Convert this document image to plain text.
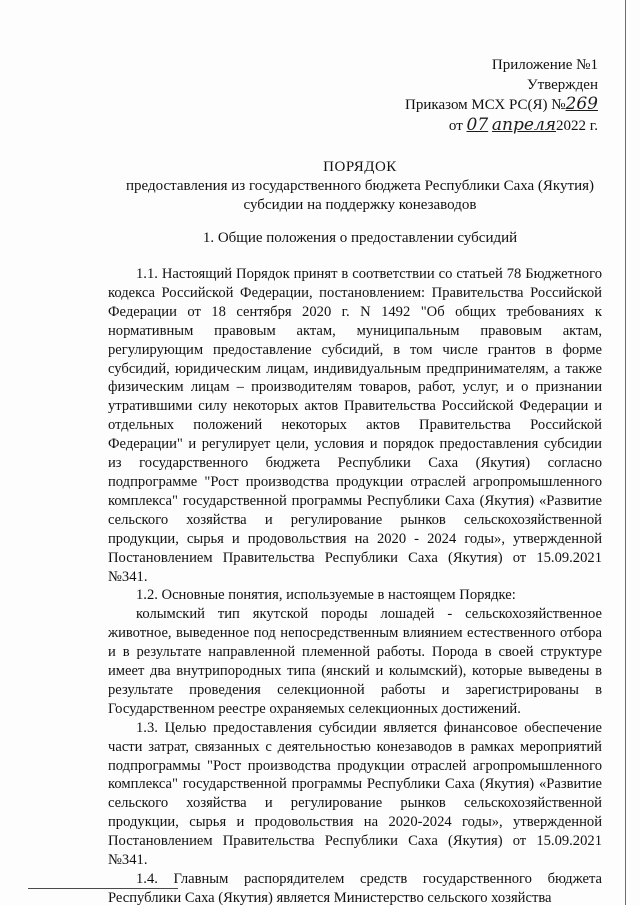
Приложение №1
Утвержден
Приказом МСХ РС(Я) №269
от 07 апреля2022 г.
ПОРЯДОК
предоставления из государственного бюджета Республики Саха (Якутия)
субсидии на поддержку конезаводов
1. Общие положения о предоставлении субсидий

1.1. Настоящий Порядок принят в соответствии со статьей 78 Бюджетного кодекса Российской Федерации, постановлением: Правительства Российской Федерации от 18 сентября 2020 г. N 1492 "Об общих требованиях к нормативным правовым актам, муниципальным правовым актам, регулирующим предоставление субсидий, в том числе грантов в форме субсидий, юридическим лицам, индивидуальным предпринимателям, а также физическим лицам – производителям товаров, работ, услуг, и о признании утратившими силу некоторых актов Правительства Российской Федерации и отдельных положений некоторых актов Правительства Российской Федерации" и регулирует цели, условия и порядок предоставления субсидии из государственного бюджета Республики Саха (Якутия) согласно подпрограмме "Рост производства продукции отраслей агропромышленного комплекса" государственной программы Республики Саха (Якутия) «Развитие сельского хозяйства и регулирование рынков сельскохозяйственной продукции, сырья и продовольствия на 2020 - 2024 годы», утвержденной Постановлением Правительства Республики Саха (Якутия) от 15.09.2021 №341.

1.2. Основные понятия, используемые в настоящем Порядке:

колымский тип якутской породы лошадей - сельскохозяйственное животное, выведенное под непосредственным влиянием естественного отбора и в результате направленной племенной работы. Порода в своей структуре имеет два внутрипородных типа (янский и колымский), которые выведены в результате проведения селекционной работы и зарегистрированы в Государственном реестре охраняемых селекционных достижений.

1.3. Целью предоставления субсидии является финансовое обеспечение части затрат, связанных с деятельностью конезаводов в рамках мероприятий подпрограммы "Рост производства продукции отраслей агропромышленного комплекса" государственной программы Республики Саха (Якутия) «Развитие сельского хозяйства и регулирование рынков сельскохозяйственной продукции, сырья и продовольствия на 2020-2024 годы», утвержденной Постановлением Правительства Республики Саха (Якутия) от 15.09.2021 №341.

1.4. Главным распорядителем средств государственного бюджета Республики Саха (Якутия) является Министерство сельского хозяйства
